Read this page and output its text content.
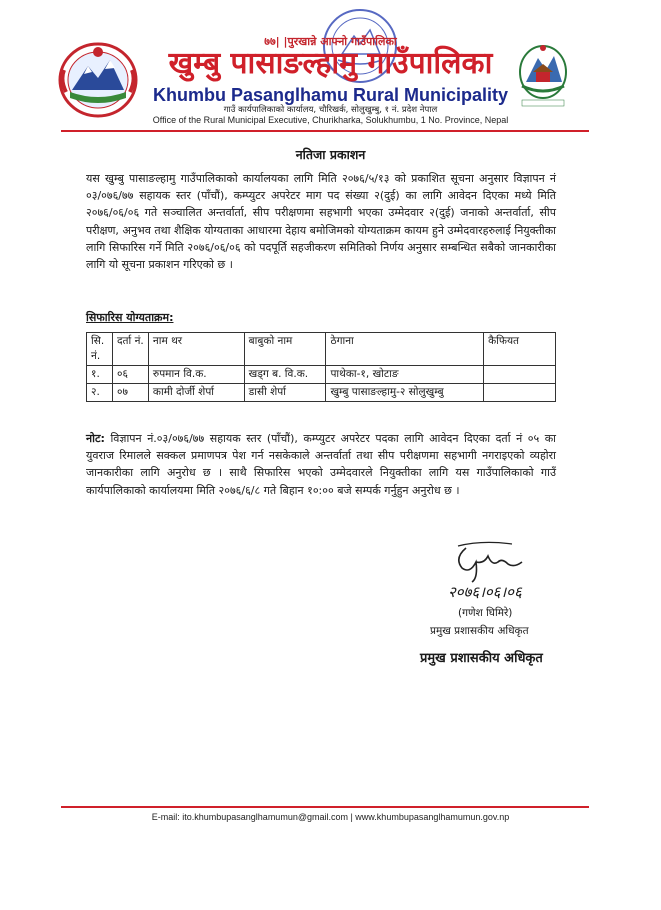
७७| |पुरखान्ने आफ्नो गाउँपालिका
खुम्बु पासाङल्हामु गाउँपालिका
Khumbu Pasanglhamu Rural Municipality
गाउँ कार्यपालिकाको कार्यालय, चौरिखर्क, सोलुखुम्बु, १ नं. प्रदेश नेपाल
Office of the Rural Municipal Executive, Churikharka, Solukhumbu, 1 No. Province, Nepal
नतिजा प्रकाशन
यस खुम्बु पासाङल्हामु गाउँपालिकाको कार्यालयका लागि मिति २०७६/५/१३ को प्रकाशित सूचना अनुसार विज्ञापन नं ०३/०७६/७७ सहायक स्तर (पाँचौं), कम्प्युटर अपरेटर माग पद संख्या २(दुई) का लागि आवेदन दिएका मध्ये मिति २०७६/०६/०६ गते सञ्चालित अन्तर्वार्ता, सीप परीक्षणमा सहभागी भएका उम्मेदवार २(दुई) जनाको अन्तर्वार्ता, सीप परीक्षण, अनुभव तथा शैक्षिक योग्यताका आधारमा देहाय बमोजिमको योग्यताक्रम कायम हुने उम्मेदवारहरुलाई नियुक्तीका लागि सिफारिस गर्ने मिति २०७६/०६/०६ को पदपूर्ति सहजीकरण समितिको निर्णय अनुसार सम्बन्धित सबैको जानकारीका लागि यो सूचना प्रकाशन गरिएको छ ।
सिफारिस योग्यताक्रम:
सि. नं.	दर्ता नं.	नाम थर	बाबुको नाम	ठेगाना	कैफियत
१.	०६	रुपमान वि.क.	खड्ग ब. वि.क.	पाथेका-१, खोटाङ	
२.	०७	कामी दोर्जी शेर्पा	डासी शेर्पा	खुम्बु पासाङल्हामु-२ सोलुखुम्बु	
नोट: विज्ञापन नं.०३/०७६/७७ सहायक स्तर (पाँचौं), कम्प्युटर अपरेटर पदका लागि आवेदन दिएका दर्ता नं ०५ का युवराज रिमालले सक्कल प्रमाणपत्र पेश गर्न नसकेकाले अन्तर्वार्ता तथा सीप परीक्षणमा सहभागी नगराइएको व्यहोरा जानकारीका लागि अनुरोध छ । साथै सिफारिस भएको उम्मेदवारले नियुक्तीका लागि यस गाउँपालिकाको गाउँ कार्यपालिकाको कार्यालयमा मिति २०७६/६/८ गते बिहान १०:०० बजे सम्पर्क गर्नुहुन अनुरोध छ ।
२०७६।०६।०६
(गणेश घिमिरे)
प्रमुख प्रशासकीय अधिकृत
प्रमुख प्रशासकीय अधिकृत
E-mail: ito.khumbupasanglhamumun@gmail.com | www.khumbupasanglhamumun.gov.np
